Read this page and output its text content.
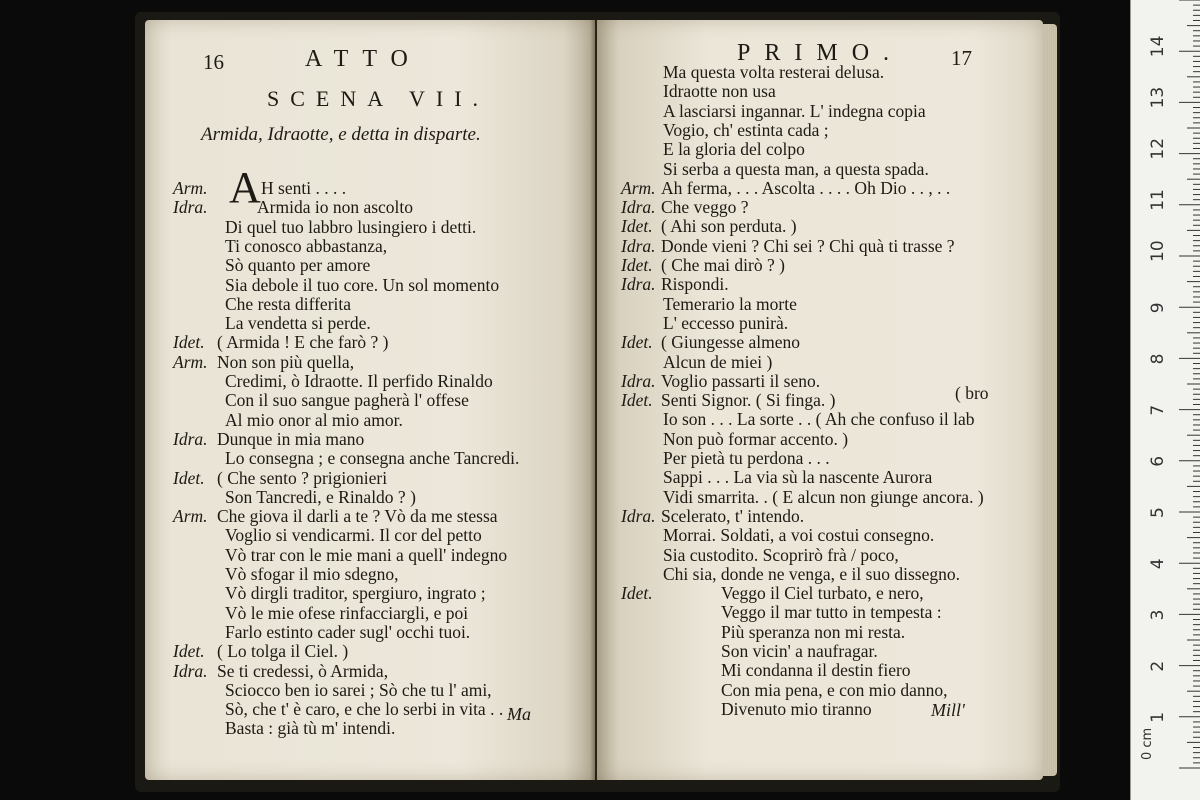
16	ATTO
SCENA VII.
Armida, Idraotte, e detta in disparte.
Arm.	H senti . . . .
Idra.	Armida io non ascolto
Di quel tuo labbro lusingiero i detti.
Ti conosco abbastanza,
Sò quanto per amore
Sia debole il tuo core. Un sol momento
Che resta differita
La vendetta si perde.
Idet. ( Armida ! E che farò ? )
Arm. Non son più quella,
Credimi, ò Idraotte. Il perfido Rinaldo
Con il suo sangue pagherà l' offese
Al mio onor al mio amor.
Idra. Dunque in mia mano
Lo consegna ; e consegna anche Tancredi.
Idet. ( Che sento ? prigionieri
Son Tancredi, e Rinaldo ? )
Arm. Che giova il darli a te ? Vò da me stessa
Voglio si vendicarmi. Il cor del petto
Vò trar con le mie mani a quell' indegno
Vò sfogar il mio sdegno,
Vò dirgli traditor, spergiuro, ingrato ;
Vò le mie ofese rinfacciargli, e poi
Farlo estinto cader sugl' occhi tuoi.
Idet. ( Lo tolga il Ciel. )
Idra. Se ti credessi, ò Armida,
Sciocco ben io sarei ; Sò che tu l' ami,
Sò, che t' è caro, e che lo serbi in vita . . .
Basta : già tù m' intendi.
A
Ma
PRIMO. 17
Ma questa volta resterai delusa.
Idraotte non usa
A lasciarsi ingannar. L' indegna copia
Vogio, ch' estinta cada ;
E la gloria del colpo
Si serba a questa man, a questa spada.
Arm. Ah ferma, . . . Ascolta . . . . Oh Dio . . , . .
Idra. Che veggo ?
Idet. ( Ahi son perduta. )
Idra. Donde vieni ? Chi sei ? Chi quà ti trasse ?
Idet. ( Che mai dirò ? )
Idra. Rispondi.
Temerario la morte
L' eccesso punirà.
Idet. ( Giungesse almeno
Alcun de miei )
Idra. Voglio passarti il seno.
Idet. Senti Signor. ( Si finga. )
Io son . . . La sorte . . ( Ah che confuso il lab
Non può formar accento. )
Per pietà tu perdona . . .
Sappi . . . La via sù la nascente Aurora
Vidi smarrita. . ( E alcun non giunge ancora. )
Idra. Scelerato, t' intendo.
Morrai. Soldati, a voi costui consegno.
Sia custodito. Scoprirò frà / poco,
Chi sia, donde ne venga, e il suo dissegno.
Idet.	Veggo il Ciel turbato, e nero,
Veggo il mar tutto in tempesta :
Più speranza non mi resta.
Son vicin' a naufragar.
Mi condanna il destin fiero
Con mia pena, e con mio danno,
Divenuto mio tiranno
( bro
Mill'
0 cm
1
2
3
4
5
6
7
8
9
10
11
12
13
14
